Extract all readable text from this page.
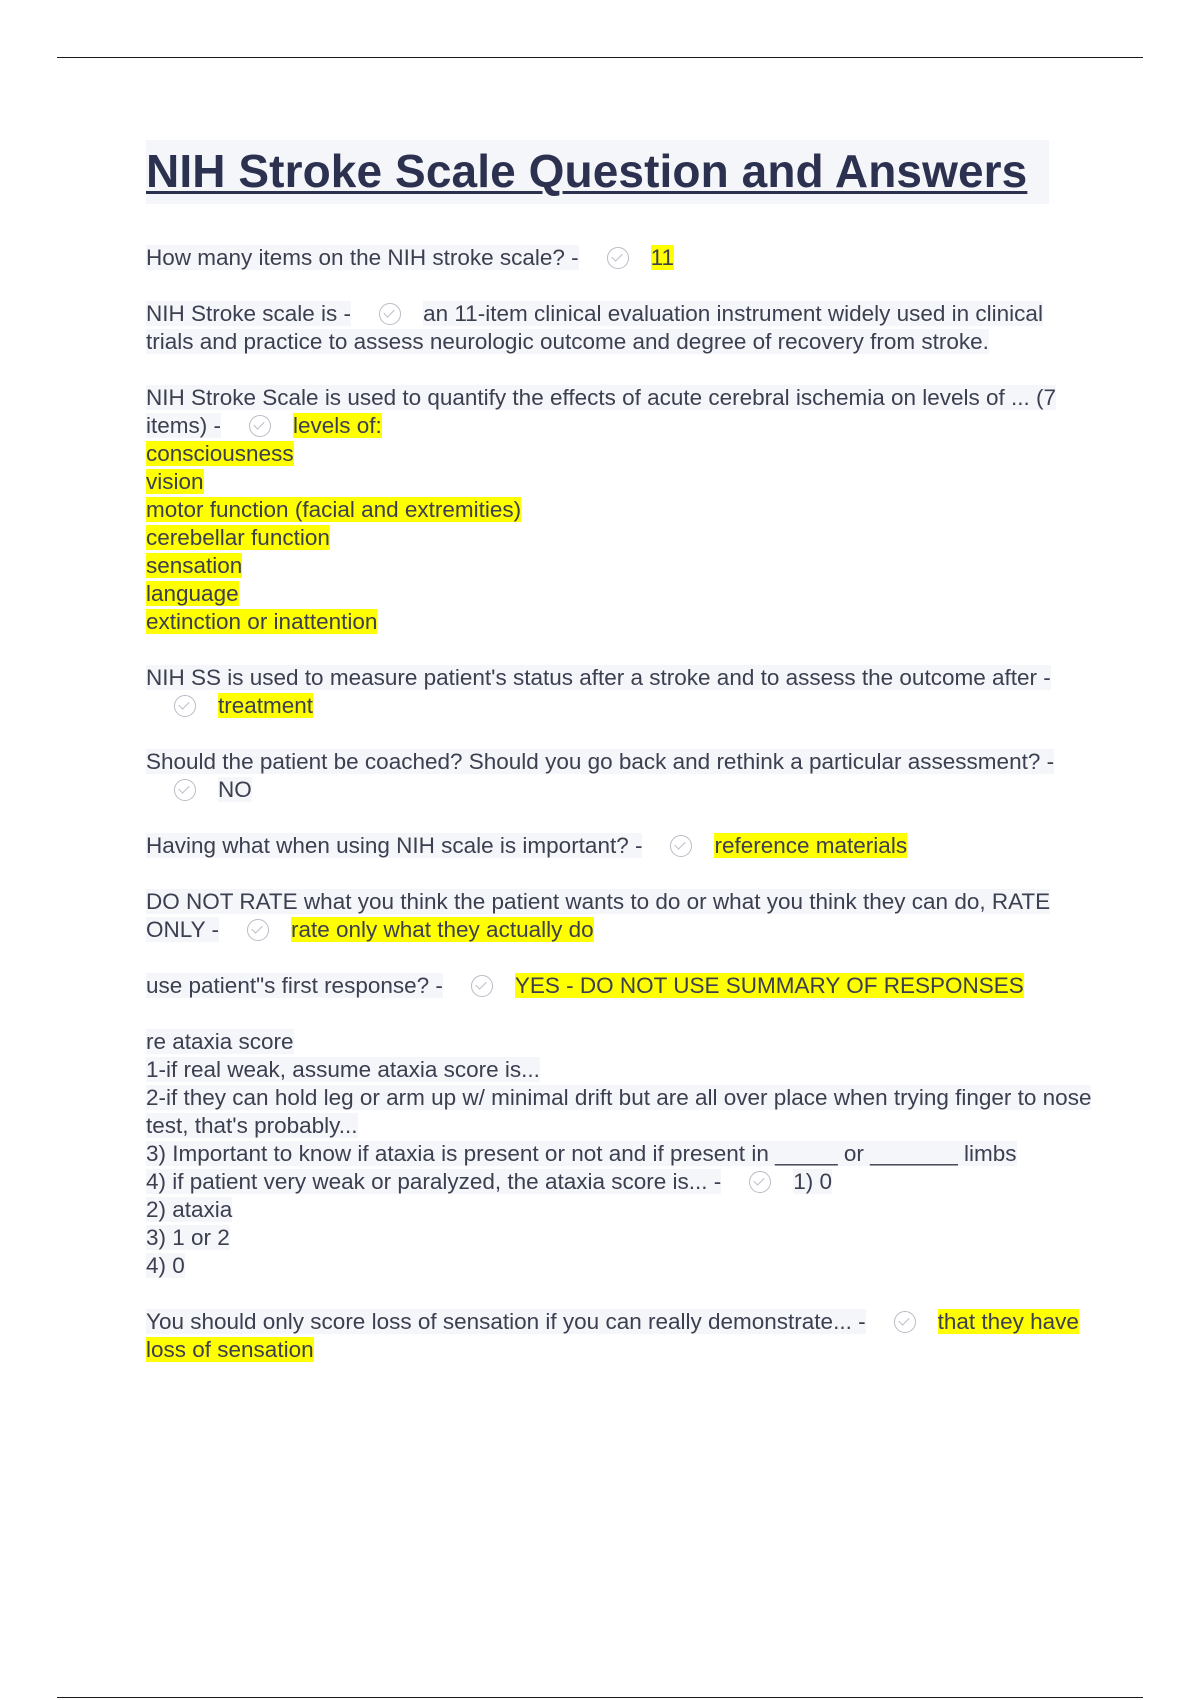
NIH Stroke Scale Question and Answers
How many items on the NIH stroke scale? -	11
NIH Stroke scale is -	an 11-item clinical evaluation instrument widely used in clinical trials and practice to assess neurologic outcome and degree of recovery from stroke.
NIH Stroke Scale is used to quantify the effects of acute cerebral ischemia on levels of ... (7 items) -	levels of:
consciousness
vision
motor function (facial and extremities)
cerebellar function
sensation
language
extinction or inattention
NIH SS is used to measure patient's status after a stroke and to assess the outcome after -treatment
Should the patient be coached? Should you go back and rethink a particular assessment? -NO
Having what when using NIH scale is important? -	reference materials
DO NOT RATE what you think the patient wants to do or what you think they can do, RATE ONLY -	rate only what they actually do
use patient"s first response? -	YES - DO NOT USE SUMMARY OF RESPONSES
re ataxia score
1-if real weak, assume ataxia score is...
2-if they can hold leg or arm up w/ minimal drift but are all over place when trying finger to nose test, that's probably...
3) Important to know if ataxia is present or not and if present in _____ or _______ limbs
4) if patient very weak or paralyzed, the ataxia score is... -	1) 0
2) ataxia
3) 1 or 2
4) 0
You should only score loss of sensation if you can really demonstrate... -	that they have loss of sensation
